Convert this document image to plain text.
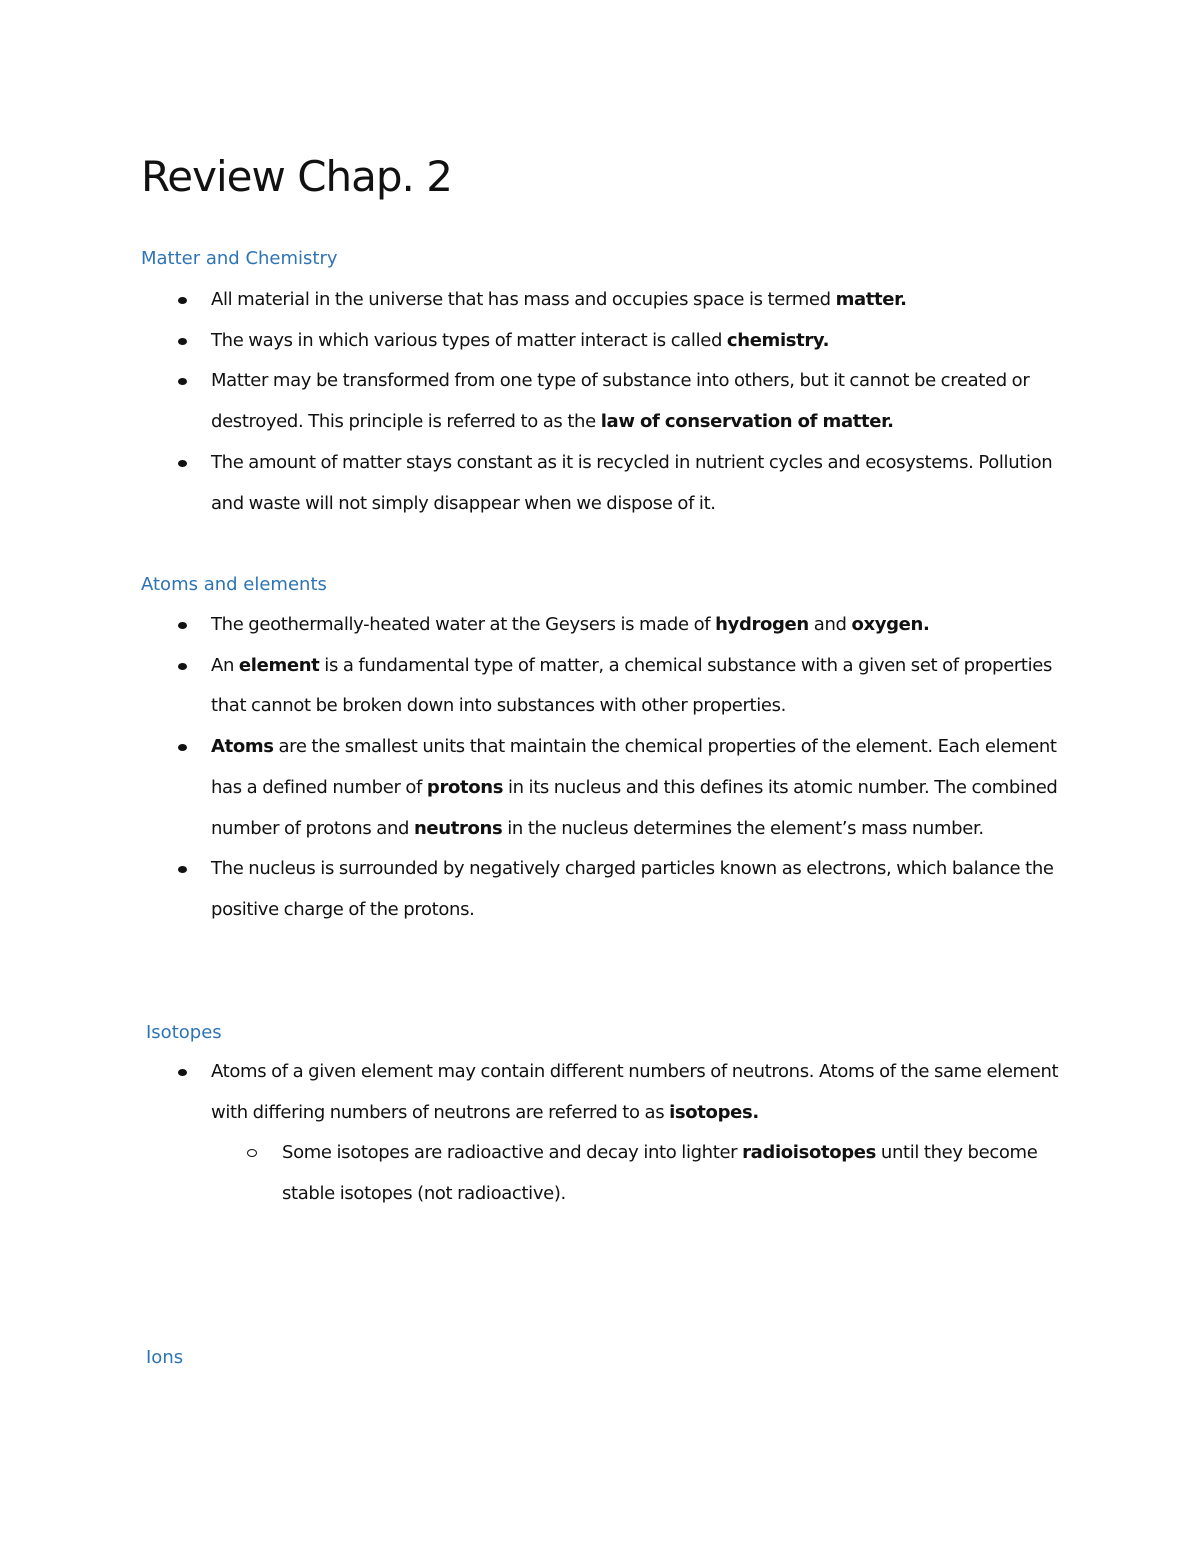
Review Chap. 2
Matter and Chemistry
All material in the universe that has mass and occupies space is termed matter.
The ways in which various types of matter interact is called chemistry.
Matter may be transformed from one type of substance into others, but it cannot be created or destroyed. This principle is referred to as the law of conservation of matter.
The amount of matter stays constant as it is recycled in nutrient cycles and ecosystems. Pollution and waste will not simply disappear when we dispose of it.
Atoms and elements
The geothermally-heated water at the Geysers is made of hydrogen and oxygen.
An element is a fundamental type of matter, a chemical substance with a given set of properties that cannot be broken down into substances with other properties.
Atoms are the smallest units that maintain the chemical properties of the element. Each element has a defined number of protons in its nucleus and this defines its atomic number. The combined number of protons and neutrons in the nucleus determines the element’s mass number.
The nucleus is surrounded by negatively charged particles known as electrons, which balance the positive charge of the protons.
Isotopes
Atoms of a given element may contain different numbers of neutrons. Atoms of the same element with differing numbers of neutrons are referred to as isotopes.
Some isotopes are radioactive and decay into lighter radioisotopes until they become stable isotopes (not radioactive).
Ions
